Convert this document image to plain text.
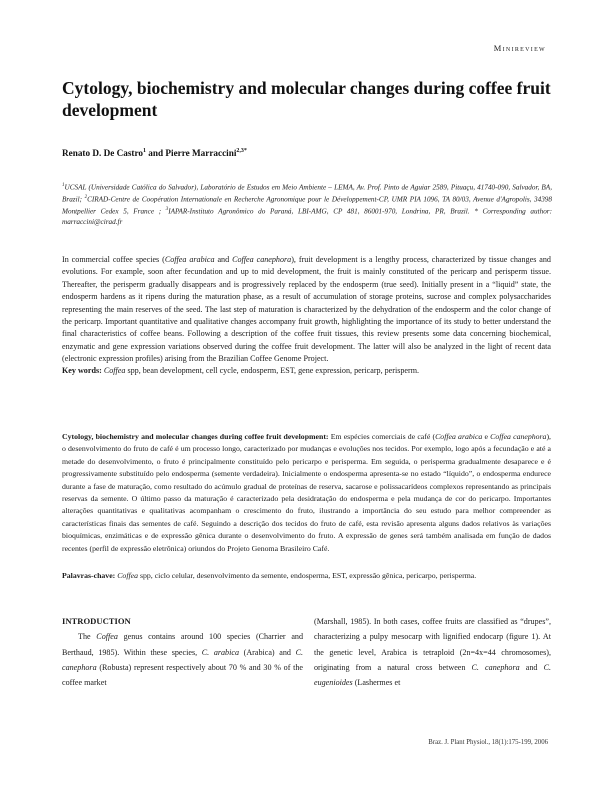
Minireview
Cytology, biochemistry and molecular changes during coffee fruit development
Renato D. De Castro$^1$ and Pierre Marraccini$^{2,3*}$
$^1$UCSAL (Universidade Católica do Salvador), Laboratório de Estudos em Meio Ambiente – LEMA, Av. Prof. Pinto de Aguiar 2589, Pituaçu, 41740-090, Salvador, BA, Brazil; $^2$CIRAD-Centre de Coopération Internationale en Recherche Agronomique pour le Développement-CP, UMR PIA 1096, TA 80/03, Avenue d'Agropolis, 34398 Montpellier Cedex 5, France ; $^3$IAPAR-Instituto Agronômico do Paraná, LBI-AMG, CP 481, 86001-970, Londrina, PR, Brazil. * Corresponding author: marraccini@cirad.fr
In commercial coffee species (Coffea arabica and Coffea canephora), fruit development is a lengthy process, characterized by tissue changes and evolutions. For example, soon after fecundation and up to mid development, the fruit is mainly constituted of the pericarp and perisperm tissue. Thereafter, the perisperm gradually disappears and is progressively replaced by the endosperm (true seed). Initially present in a “liquid” state, the endosperm hardens as it ripens during the maturation phase, as a result of accumulation of storage proteins, sucrose and complex polysaccharides representing the main reserves of the seed. The last step of maturation is characterized by the dehydration of the endosperm and the color change of the pericarp. Important quantitative and qualitative changes accompany fruit growth, highlighting the importance of its study to better understand the final characteristics of coffee beans. Following a description of the coffee fruit tissues, this review presents some data concerning biochemical, enzymatic and gene expression variations observed during the coffee fruit development. The latter will also be analyzed in the light of recent data (electronic expression profiles) arising from the Brazilian Coffee Genome Project.
Key words: Coffea spp, bean development, cell cycle, endosperm, EST, gene expression, pericarp, perisperm.
Cytology, biochemistry and molecular changes during coffee fruit development: Em espécies comerciais de café (Coffea arabica e Coffea canephora), o desenvolvimento do fruto de café é um processo longo, caracterizado por mudanças e evoluções nos tecidos. Por exemplo, logo após a fecundação e até a metade do desenvolvimento, o fruto é principalmente constituído pelo pericarpo e perisperma. Em seguida, o perisperma gradualmente desaparece e é progressivamente substituído pelo endosperma (semente verdadeira). Inicialmente o endosperma apresenta-se no estado “líquido”, o endosperma endurece durante a fase de maturação, como resultado do acúmulo gradual de proteínas de reserva, sacarose e polissacarídeos complexos representando as principais reservas da semente. O último passo da maturação é caracterizado pela desidratação do endosperma e pela mudança de cor do pericarpo. Importantes alterações quantitativas e qualitativas acompanham o crescimento do fruto, ilustrando a importância do seu estudo para melhor compreender as características finais das sementes de café. Seguindo a descrição dos tecidos do fruto de café, esta revisão apresenta alguns dados relativos às variações bioquímicas, enzimáticas e de expressão gênica durante o desenvolvimento do fruto. A expressão de genes será também analisada em função de dados recentes (perfil de expressão eletrônica) oriundos do Projeto Genoma Brasileiro Café.
Palavras-chave: Coffea spp, ciclo celular, desenvolvimento da semente, endosperma, EST, expressão gênica, pericarpo, perisperma.
INTRODUCTION
The Coffea genus contains around 100 species (Charrier and Berthaud, 1985). Within these species, C. arabica (Arabica) and C. canephora (Robusta) represent respectively about 70 % and 30 % of the coffee market
(Marshall, 1985). In both cases, coffee fruits are classified as “drupes”, characterizing a pulpy mesocarp with lignified endocarp (figure 1). At the genetic level, Arabica is tetraploid (2n=4x=44 chromosomes), originating from a natural cross between C. canephora and C. eugenioides (Lashermes et
Braz. J. Plant Physiol., 18(1):175-199, 2006
